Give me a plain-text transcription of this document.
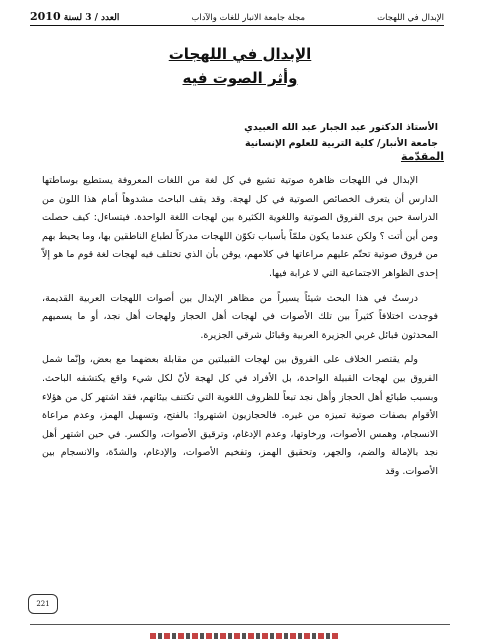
العدد / 3 لسنة 2010	مجلة جامعة الانبار للغات والآداب	الإبدال في اللهجات
الإبدال في اللهجات
وأثر الصوت فيه
الأستاذ الدكتور عبد الجبار عبد الله العبيدي
جامعة الأنبار/ كلية التربية للعلوم الإنسانية
المقدّمة

الإبدال في اللهجات ظاهرة صوتية تشيع في كل لغة من اللغات المعروفة يستطيع بوساطتها الدارس أن يتعرف الخصائص الصوتية في كل لهجة. وقد يقف الباحث مشدوهاً أمام هذا اللون من الدراسة حين يرى الفروق الصوتية واللغوية الكثيرة بين لهجات اللغة الواحدة. فيتساءل: كيف حصلت ومن أين أتت ؟ ولكن عندما يكون ملمّاً بأسباب تكوّن اللهجات مدركاً لطباع الناطقين بها، وما يحيط بهم من فروق صوتية تحتّم عليهم مراعاتها في كلامهم، يوقن بأن الذي تختلف فيه لهجات لغة قوم ما هو إلاّ إحدى الظواهر الاجتماعية التي لا غرابة فيها.

درستُ في هذا البحث شيئاً يسيراً من مظاهر الإبدال بين أصوات اللهجات العربية القديمة، فوجدت اختلافاً كثيراً بين تلك الأصوات في لهجات أهل الحجاز ولهجات أهل نجد، أو ما يسميهم المحدثون قبائل غربي الجزيرة العربية وقبائل شرقي الجزيرة.

ولم يقتصر الخلاف على الفروق بين لهجات القبيلتين من مقابلة بعضهما مع بعض، وإنّما شمل الفروق بين لهجات القبيلة الواحدة، بل الأفراد في كل لهجة لأنّ لكل شيء واقع يكتشفه الباحث. وبسبب طبائع أهل الحجاز وأهل نجد تبعاً للظروف اللغوية التي تكتنف بيئاتهم، فقد اشتهر كل من هؤلاء الأقوام بصفات صوتية تميزه من غيره. فالحجازيون اشتهروا: بالفتح، وتسهيل الهمز، وعدم مراعاة الانسجام، وهمس الأصوات، ورخاوتها، وعدم الإدغام، وترقيق الأصوات، والكسر. في حين اشتهر أهل نجد بالإمالة والضم، والجهر، وتحقيق الهمز، وتفخيم الأصوات، والإدغام، والشدّة، والانسجام بين الأصوات. وقد

221
